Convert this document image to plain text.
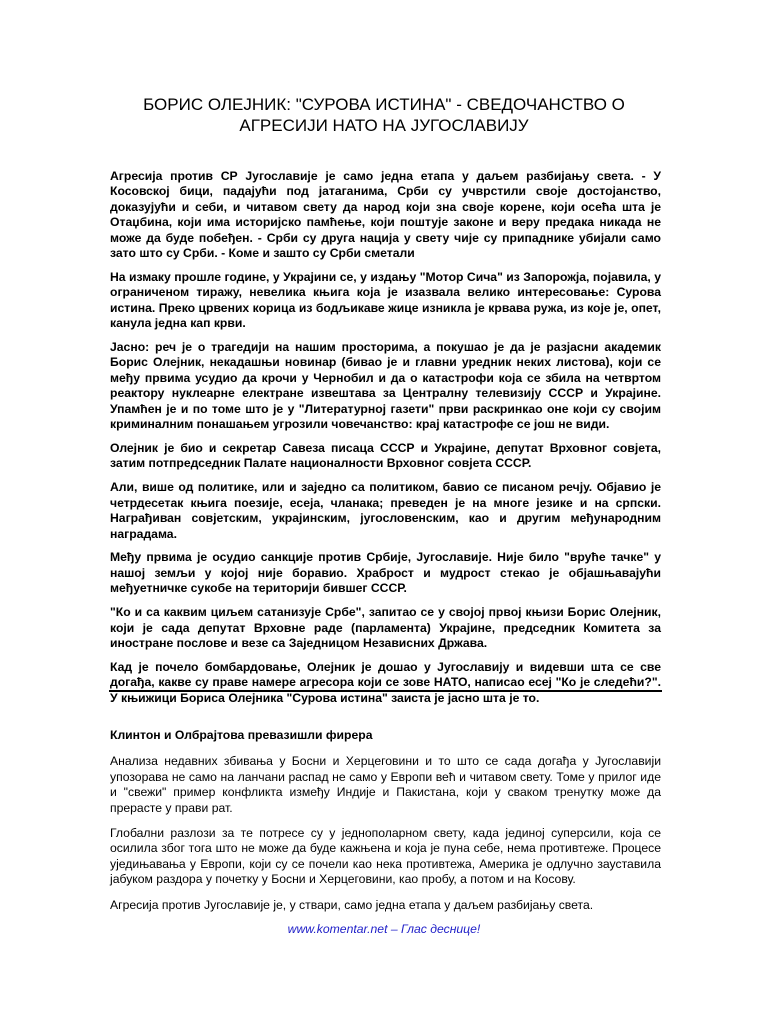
БОРИС ОЛЕЈНИК: "СУРОВА ИСТИНА" - СВЕДОЧАНСТВО О
АГРЕСИЈИ НАТО НА ЈУГОСЛАВИЈУ

Агресија против СР Југославије је само једна етапа у даљем разбијању света. - У Косовској бици, падајући под јатаганима, Срби су учврстили своје достојанство, доказујући и себи, и читавом свету да народ који зна своје корене, који осећа шта је Отаџбина, који има историјско памћење, који поштује законе и веру предака никада не може да буде побеђен. - Срби су друга нација у свету чије су припаднике убијали само зато што су Срби. - Коме и зашто су Срби сметали

На измаку прошле године, у Украјини се, у издању "Мотор Сича" из Запорожја, појавила, у ограниченом тиражу, невелика књига која је изазвала велико интересовање: Сурова истина. Преко црвених корица из бодљикаве жице изникла је крвава ружа, из које је, опет, канула једна кап крви.

Јасно: реч је о трагедији на нашим просторима, а покушао је да је разјасни академик Борис Олејник, некадашњи новинар (биваo је и главни уредник неких листова), који се међу првима усудио да крочи у Чернобил и да о катастрофи која се збила на четвртом реактору нуклеарне електране извештава за Централну телевизију СССР и Украјине. Упамћен је и по томе што је у "Литературној газети" први раскринкао оне који су својим криминалним понашањем угрозили човечанство: крај катастрофе се још не види.

Олејник је био и секретар Савеза писаца СССР и Украјине, депутат Врховног совјета, затим потпредседник Палате националности Врховног совјета СССР.

Али, више од политике, или и заједно са политиком, бавио се писаном речју. Објавио је четрдесетак књига поезије, есеја, чланака; преведен је на многе језике и на српски. Награђиван совјетским, украјинским, југословенским, као и другим међународним наградама.

Међу првима је осудио санкције против Србије, Југославије. Није било "вруће тачке" у нашој земљи у којој није боравио. Храброст и мудрост стекао је објашњавајући међуетничке сукобе на територији бившег СССР.

"Ко и са каквим циљем сатанизује Србе", запитао се у својој првој књизи Борис Олејник, који је сада депутат Врховне раде (парламента) Украјине, председник Комитета за иностране послове и везе са Заједницом Независних Држава.

Кад је почело бомбардовање, Олејник је дошао у Југославију и видевши шта се све догађа, какве су праве намере агресора који се зове НАТО, написао есеј "Ко је следећи?". У књижици Бориса Олејника "Сурова истина" заиста је јасно шта је то.

Клинтон и Олбрајтова превазишли фирера

Анализа недавних збивања у Босни и Херцеговини и то што се сада догађа у Југославији упозорава не само на ланчани распад не само у Европи већ и читавом свету. Томе у прилог иде и "свежи" пример конфликта између Индије и Пакистана, који у сваком тренутку може да прерасте у прави рат.

Глобални разлози за те потресе су у једнополарном свету, када јединој суперсили, која се осилила због тога што не може да буде кажњена и која је пуна себе, нема противтеже. Процесе уједињавања у Европи, који су се почели као нека противтежа, Америка је одлучно зауставила јабуком раздора у почетку у Босни и Херцеговини, као пробу, а потом и на Косову.

Агресија против Југославије је, у ствари, само једна етапа у даљем разбијању света.

www.komentar.net – Глас деснице!
